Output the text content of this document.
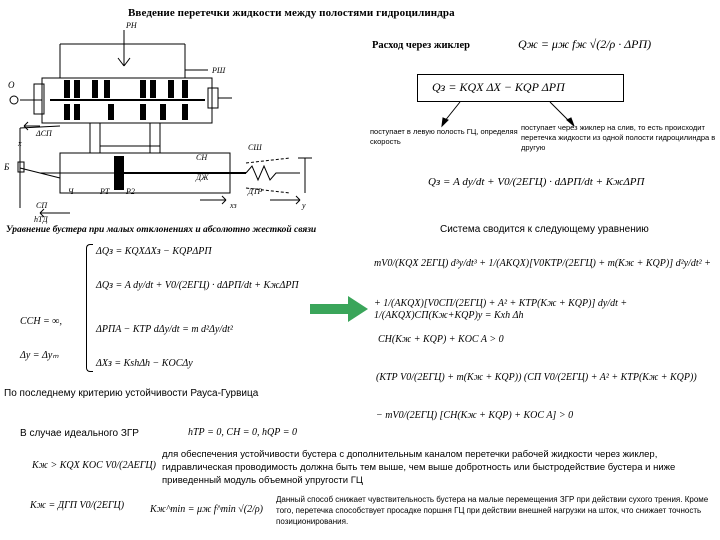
Введение перетечки жидкости между полостями гидроцилиндра
PH
PШ
О
Б
ΔСП
x
СП
CН
ДЖ
CШ
PТ P2
Ч
xз
ДТР
y
hТД
Расход через жиклер	Qж = μж fж √(2/ρ · ΔPП)
Qз = KQX ΔX − KQP ΔPП
поступает в левую полость ГЦ, определяя скорость
поступает через жиклер на слив, то есть происходит перетечка жидкости из одной полости гидроцилиндра в другую
Qз = A dy/dt + V0/(2EГЦ) · dΔPП/dt + KжΔPП
Уравнение бустера при малых отклонениях и абсолютно жесткой связи	Система сводится к следующему уравнению
ΔQз = KQXΔXз − KQPΔPП
ΔQз = A dy/dt + V0/(2EГЦ) · dΔPП/dt + KжΔPП
CCH = ∞,
ΔPПA − KТР dΔy/dt = m d²Δy/dt²
Δy = Δyₘ
ΔXз = KshΔh − KOCΔy
mV0/(KQX 2EГЦ) d³y/dt³ + 1/(AKQX)[V0KТР/(2EГЦ) + m(Kж + KQP)] d²y/dt² +
+ 1/(AKQX)[V0CП/(2EГЦ) + A² + KТР(Kж + KQP)] dy/dt + 1/(AKQX)CП(Kж+KQP)y = Kxh Δh
CH(Kж + KQP) + KOC A > 0
По последнему критерию устойчивости Рауса-Гурвица
(KТР V0/(2EГЦ) + m(Kж + KQP)) (CП V0/(2EГЦ) + A² + KТР(Kж + KQP))
− mV0/(2EГЦ) [CH(Kж + KQP) + KOC A] > 0
В случае идеального ЗГР	hТР = 0, CH = 0, hQP = 0
Kж > KQX KOC V0/(2AEГЦ)
Kж = ДГП V0/(2EГЦ)	Kж^min = μж f^min √(2/ρ)
для обеспечения устойчивости бустера с дополнительным каналом перетечки рабочей жидкости через жиклер, гидравлическая проводимость должна быть тем выше, чем выше добротность или быстродействие бустера и ниже приведенный модуль объемной упругости ГЦ
Данный способ снижает чувствительность бустера на малые перемещения ЗГР при действии сухого трения. Кроме того, перетечка способствует просадке поршня ГЦ при действии внешней нагрузки на шток, что снижает точность позиционирования.
